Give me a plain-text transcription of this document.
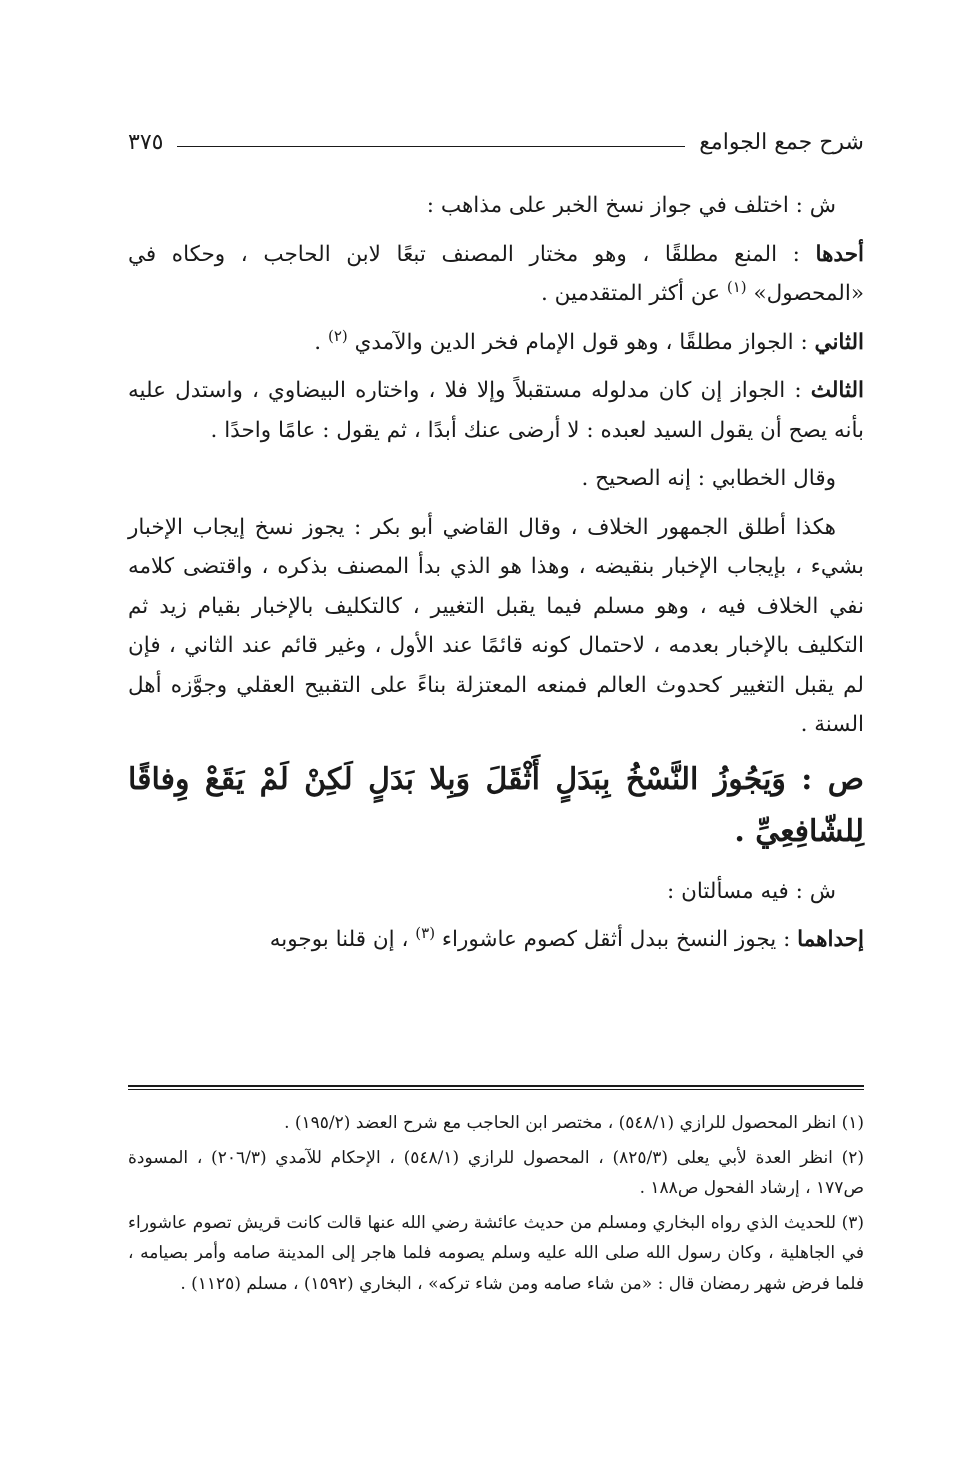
شرح جمع الجوامع
٣٧٥

ش : اختلف في جواز نسخ الخبر على مذاهب :

أحدها : المنع مطلقًا ، وهو مختار المصنف تبعًا لابن الحاجب ، وحكاه في «المحصول» $^{(١)}$ عن أكثر المتقدمين .

الثاني : الجواز مطلقًا ، وهو قول الإمام فخر الدين والآمدي $^{(٢)}$ .

الثالث : الجواز إن كان مدلوله مستقبلاً وإلا فلا ، واختاره البيضاوي ، واستدل عليه بأنه يصح أن يقول السيد لعبده : لا أرضى عنك أبدًا ، ثم يقول : عامًا واحدًا .

وقال الخطابي : إنه الصحيح .

هكذا أطلق الجمهور الخلاف ، وقال القاضي أبو بكر : يجوز نسخ إيجاب الإخبار بشيء ، بإيجاب الإخبار بنقيضه ، وهذا هو الذي بدأ المصنف بذكره ، واقتضى كلامه نفي الخلاف فيه ، وهو مسلم فيما يقبل التغيير ، كالتكليف بالإخبار بقيام زيد ثم التكليف بالإخبار بعدمه ، لاحتمال كونه قائمًا عند الأول ، وغير قائم عند الثاني ، فإن لم يقبل التغيير كحدوث العالم فمنعه المعتزلة بناءً على التقبيح العقلي وجوَّزه أهل السنة .

ص : وَيَجُوزُ النَّسْخُ بِبَدَلٍ أَثْقَلَ وَبِلا بَدَلٍ لَكِنْ لَمْ يَقَعْ وِفاقًا لِلشّافِعِيِّ .

ش : فيه مسألتان :

إحداهما : يجوز النسخ ببدل أثقل كصوم عاشوراء $^{(٣)}$ ، إن قلنا بوجوبه

(١) انظر المحصول للرازي (٥٤٨/١) ، مختصر ابن الحاجب مع شرح العضد (١٩٥/٢) .

(٢) انظر العدة لأبي يعلى (٨٢٥/٣) ، المحصول للرازي (٥٤٨/١) ، الإحكام للآمدي (٢٠٦/٣) ، المسودة ص١٧٧ ، إرشاد الفحول ص١٨٨ .

(٣) للحديث الذي رواه البخاري ومسلم من حديث عائشة رضي الله عنها قالت كانت قريش تصوم عاشوراء في الجاهلية ، وكان رسول الله صلى الله عليه وسلم يصومه فلما هاجر إلى المدينة صامه وأمر بصيامه ، فلما فرض شهر رمضان قال : «من شاء صامه ومن شاء تركه» ، البخاري (١٥٩٢) ، مسلم (١١٢٥) .
